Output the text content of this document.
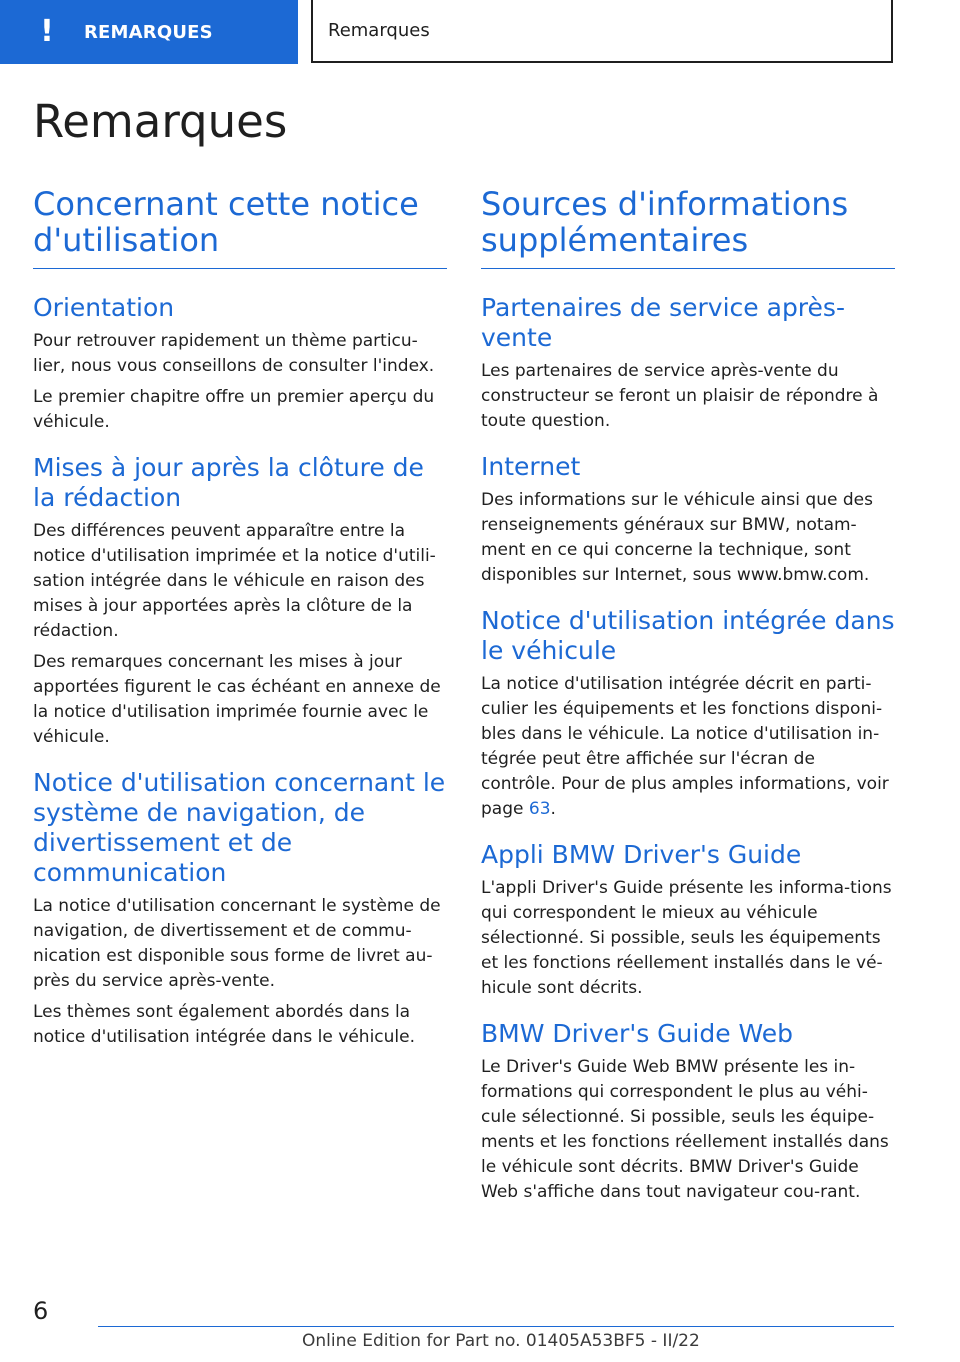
! REMARQUES	Remarques
Remarques
Concernant cette notice d'utilisation
Orientation

Pour retrouver rapidement un thème particu-lier, nous vous conseillons de consulter l'index.

Le premier chapitre offre un premier aperçu du véhicule.

Mises à jour après la clôture de la rédaction

Des différences peuvent apparaître entre la notice d'utilisation imprimée et la notice d'utili-sation intégrée dans le véhicule en raison des mises à jour apportées après la clôture de la rédaction.

Des remarques concernant les mises à jour apportées figurent le cas échéant en annexe de la notice d'utilisation imprimée fournie avec le véhicule.

Notice d'utilisation concernant le système de navigation, de divertissement et de communication

La notice d'utilisation concernant le système de navigation, de divertissement et de commu-nication est disponible sous forme de livret au-près du service après-vente.

Les thèmes sont également abordés dans la notice d'utilisation intégrée dans le véhicule.

Sources d'informations supplémentaires
Partenaires de service après-vente

Les partenaires de service après-vente du constructeur se feront un plaisir de répondre à toute question.

Internet

Des informations sur le véhicule ainsi que des renseignements généraux sur BMW, notam-ment en ce qui concerne la technique, sont disponibles sur Internet, sous www.bmw.com.

Notice d'utilisation intégrée dans le véhicule

La notice d'utilisation intégrée décrit en parti-culier les équipements et les fonctions disponi-bles dans le véhicule. La notice d'utilisation in-tégrée peut être affichée sur l'écran de contrôle. Pour de plus amples informations, voir page 63.

Appli BMW Driver's Guide

L'appli Driver's Guide présente les informa-tions qui correspondent le mieux au véhicule sélectionné. Si possible, seuls les équipements et les fonctions réellement installés dans le vé-hicule sont décrits.

BMW Driver's Guide Web

Le Driver's Guide Web BMW présente les in-formations qui correspondent le plus au véhi-cule sélectionné. Si possible, seuls les équipe-ments et les fonctions réellement installés dans le véhicule sont décrits. BMW Driver's Guide Web s'affiche dans tout navigateur cou-rant.

6
Online Edition for Part no. 01405A53BF5 - II/22
